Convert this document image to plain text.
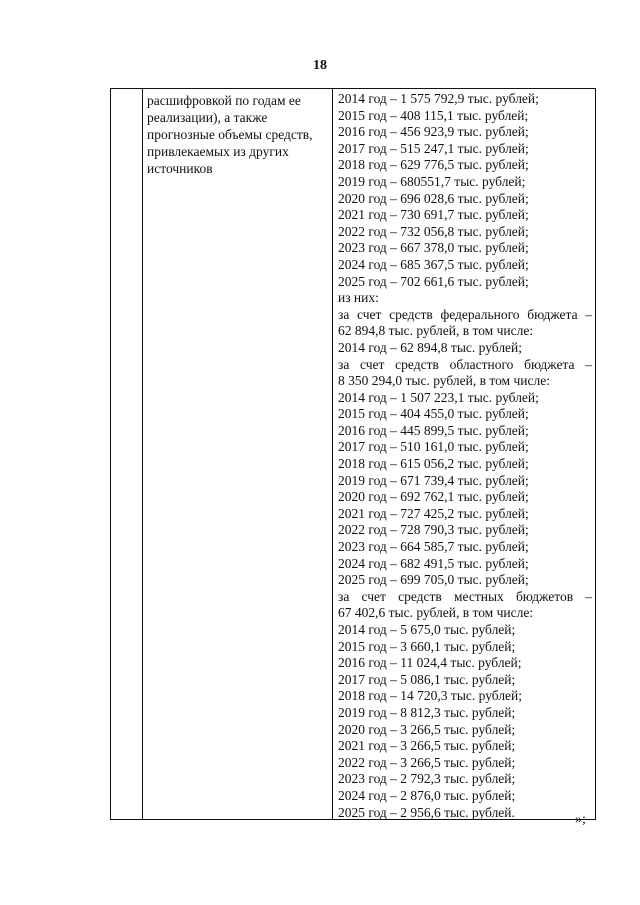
18
расшифровкой по годам ее
реализации), а также
прогнозные объемы средств,
привлекаемых из других
источников
2014 год – 1 575 792,9 тыс. рублей;
2015 год – 408 115,1 тыс. рублей;
2016 год – 456 923,9 тыс. рублей;
2017 год – 515 247,1 тыс. рублей;
2018 год – 629 776,5 тыс. рублей;
2019 год – 680551,7 тыс. рублей;
2020 год – 696 028,6 тыс. рублей;
2021 год – 730 691,7 тыс. рублей;
2022 год – 732 056,8 тыс. рублей;
2023 год – 667 378,0 тыс. рублей;
2024 год – 685 367,5 тыс. рублей;
2025 год – 702 661,6 тыс. рублей;
из них:
за счет средств федерального бюджета –
62 894,8 тыс. рублей, в том числе:
2014 год – 62 894,8 тыс. рублей;
за счет средств областного бюджета –
8 350 294,0 тыс. рублей, в том числе:
2014 год – 1 507 223,1 тыс. рублей;
2015 год – 404 455,0 тыс. рублей;
2016 год – 445 899,5 тыс. рублей;
2017 год – 510 161,0 тыс. рублей;
2018 год – 615 056,2 тыс. рублей;
2019 год – 671 739,4 тыс. рублей;
2020 год – 692 762,1 тыс. рублей;
2021 год – 727 425,2 тыс. рублей;
2022 год – 728 790,3 тыс. рублей;
2023 год – 664 585,7 тыс. рублей;
2024 год – 682 491,5 тыс. рублей;
2025 год – 699 705,0 тыс. рублей;
за счет средств местных бюджетов –
67 402,6 тыс. рублей, в том числе:
2014 год – 5 675,0 тыс. рублей;
2015 год – 3 660,1 тыс. рублей;
2016 год – 11 024,4 тыс. рублей;
2017 год – 5 086,1 тыс. рублей;
2018 год – 14 720,3 тыс. рублей;
2019 год – 8 812,3 тыс. рублей;
2020 год – 3 266,5 тыс. рублей;
2021 год – 3 266,5 тыс. рублей;
2022 год – 3 266,5 тыс. рублей;
2023 год – 2 792,3 тыс. рублей;
2024 год – 2 876,0 тыс. рублей;
2025 год – 2 956,6 тыс. рублей.	»;
